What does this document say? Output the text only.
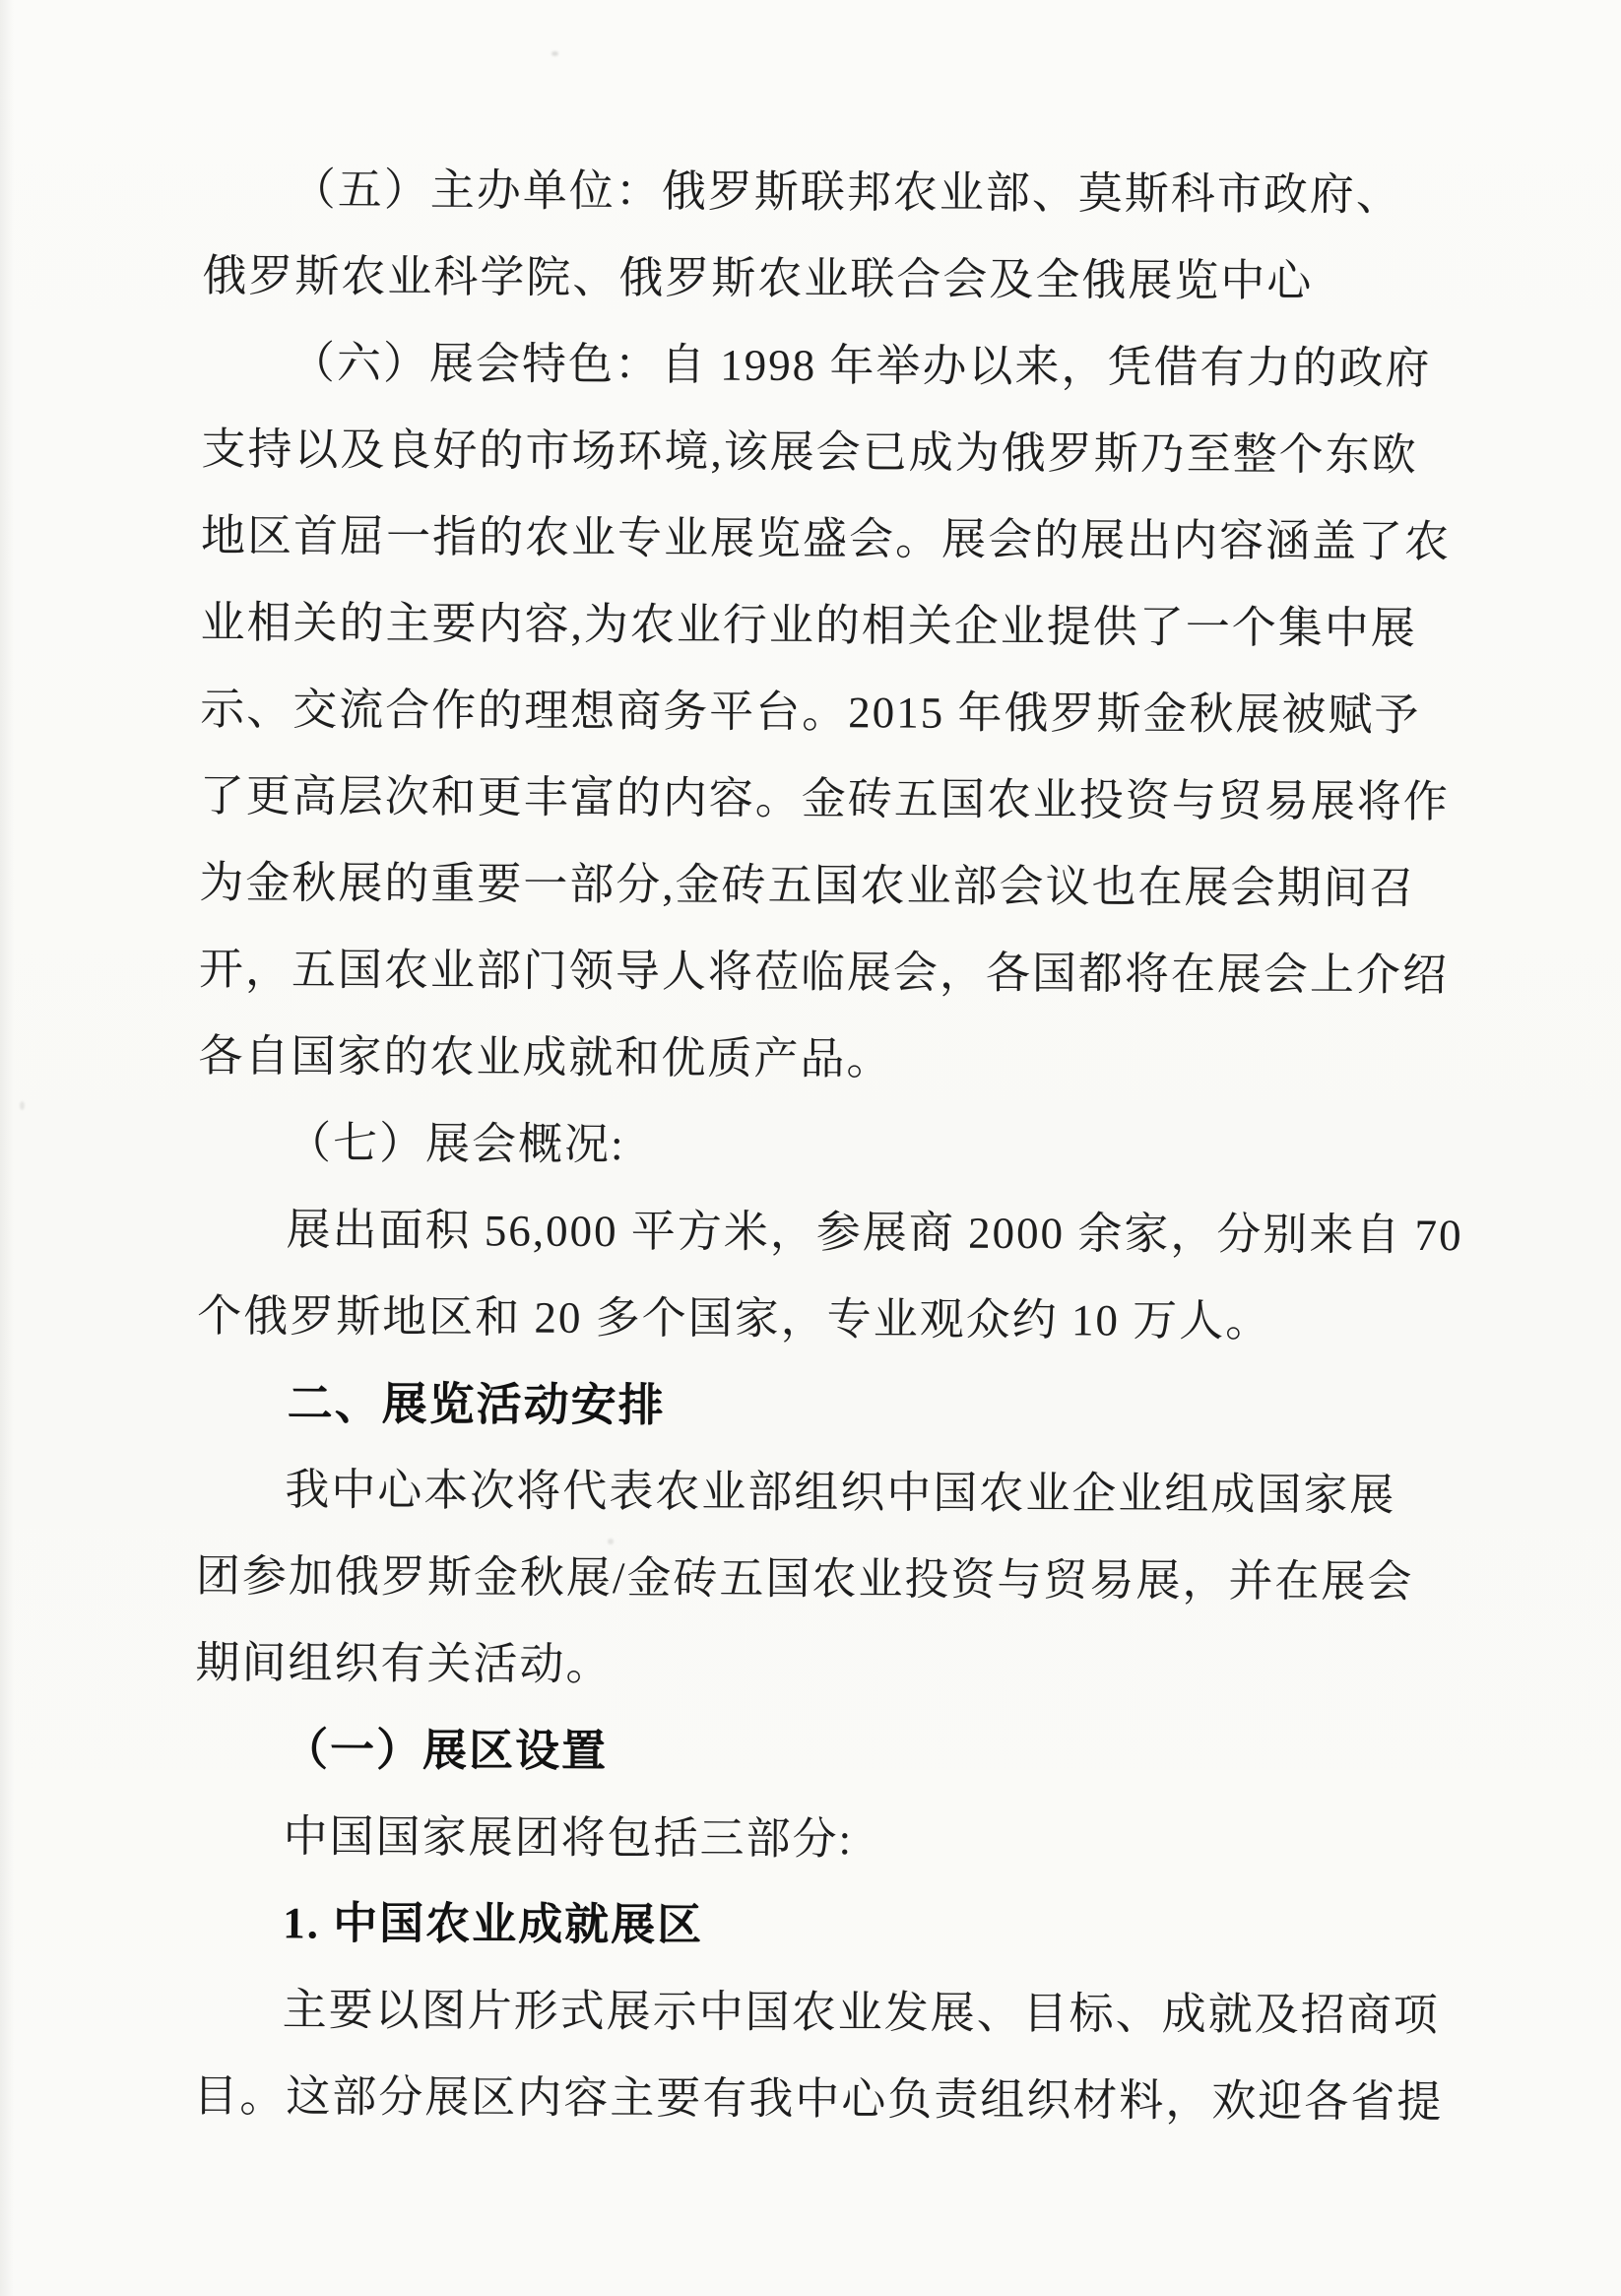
（五）主办单位：俄罗斯联邦农业部、莫斯科市政府、
俄罗斯农业科学院、俄罗斯农业联合会及全俄展览中心
（六）展会特色：自 1998 年举办以来，凭借有力的政府
支持以及良好的市场环境,该展会已成为俄罗斯乃至整个东欧
地区首屈一指的农业专业展览盛会。展会的展出内容涵盖了农
业相关的主要内容,为农业行业的相关企业提供了一个集中展
示、交流合作的理想商务平台。2015 年俄罗斯金秋展被赋予
了更高层次和更丰富的内容。金砖五国农业投资与贸易展将作
为金秋展的重要一部分,金砖五国农业部会议也在展会期间召
开，五国农业部门领导人将莅临展会，各国都将在展会上介绍
各自国家的农业成就和优质产品。
（七）展会概况:
展出面积 56,000 平方米，参展商 2000 余家，分别来自 70
个俄罗斯地区和 20 多个国家，专业观众约 10 万人。
二、展览活动安排
我中心本次将代表农业部组织中国农业企业组成国家展
团参加俄罗斯金秋展/金砖五国农业投资与贸易展，并在展会
期间组织有关活动。
（一）展区设置
中国国家展团将包括三部分:
1. 中国农业成就展区
主要以图片形式展示中国农业发展、目标、成就及招商项
目。这部分展区内容主要有我中心负责组织材料，欢迎各省提
